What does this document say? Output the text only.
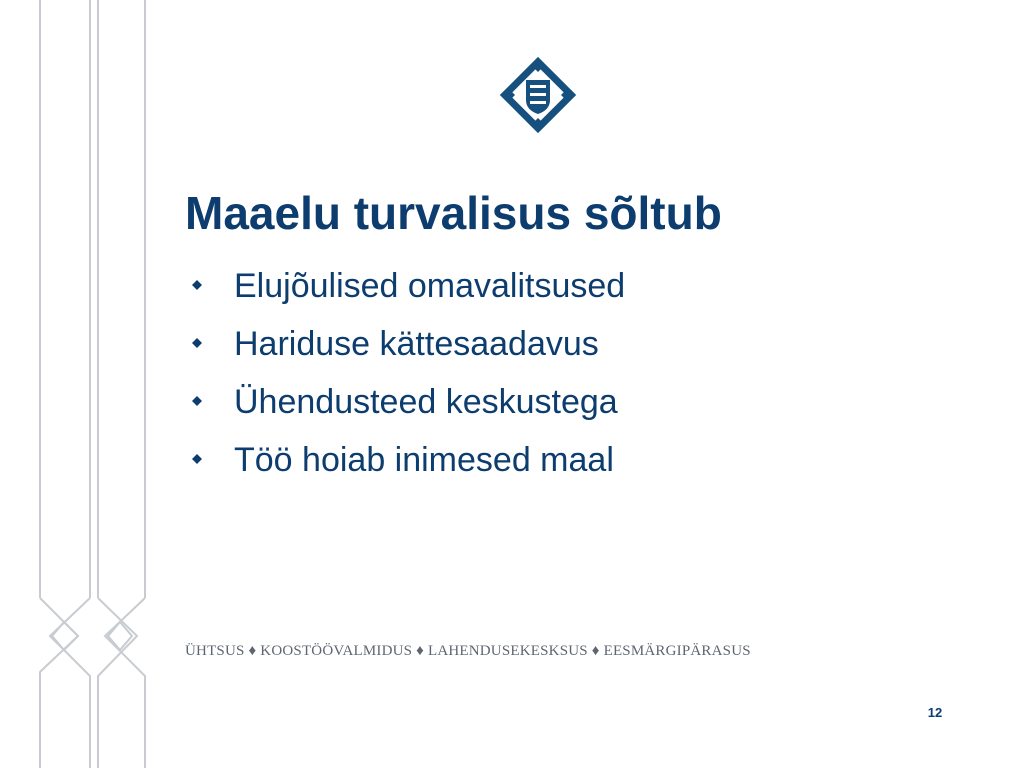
Maaelu turvalisus sõltub
Elujõulised omavalitsused
Hariduse kättesaadavus
Ühendusteed keskustega
Töö hoiab inimesed maal
ÜHTSUS ♦ KOOSTÖÖVALMIDUS ♦ LAHENDUSEKESKSUS ♦ EESMÄRGIPÄRASUS
12
